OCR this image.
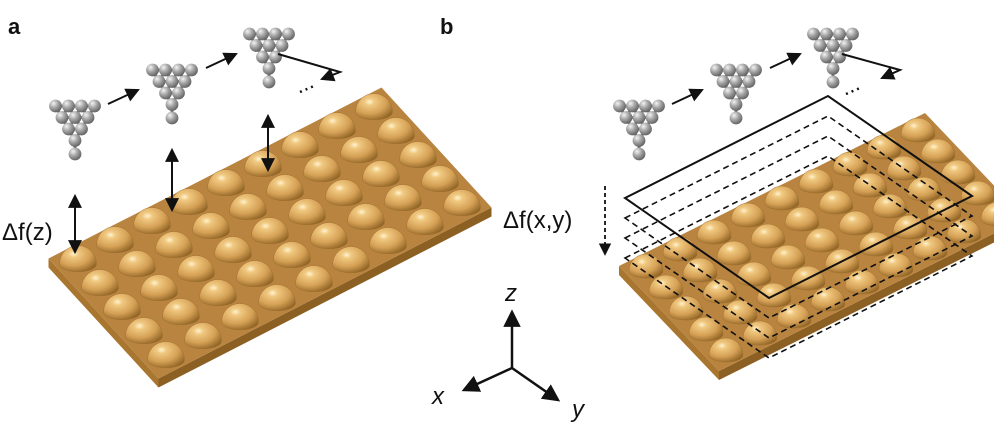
a	b
Δf(z)	Δf(x,y)
z
x	y
